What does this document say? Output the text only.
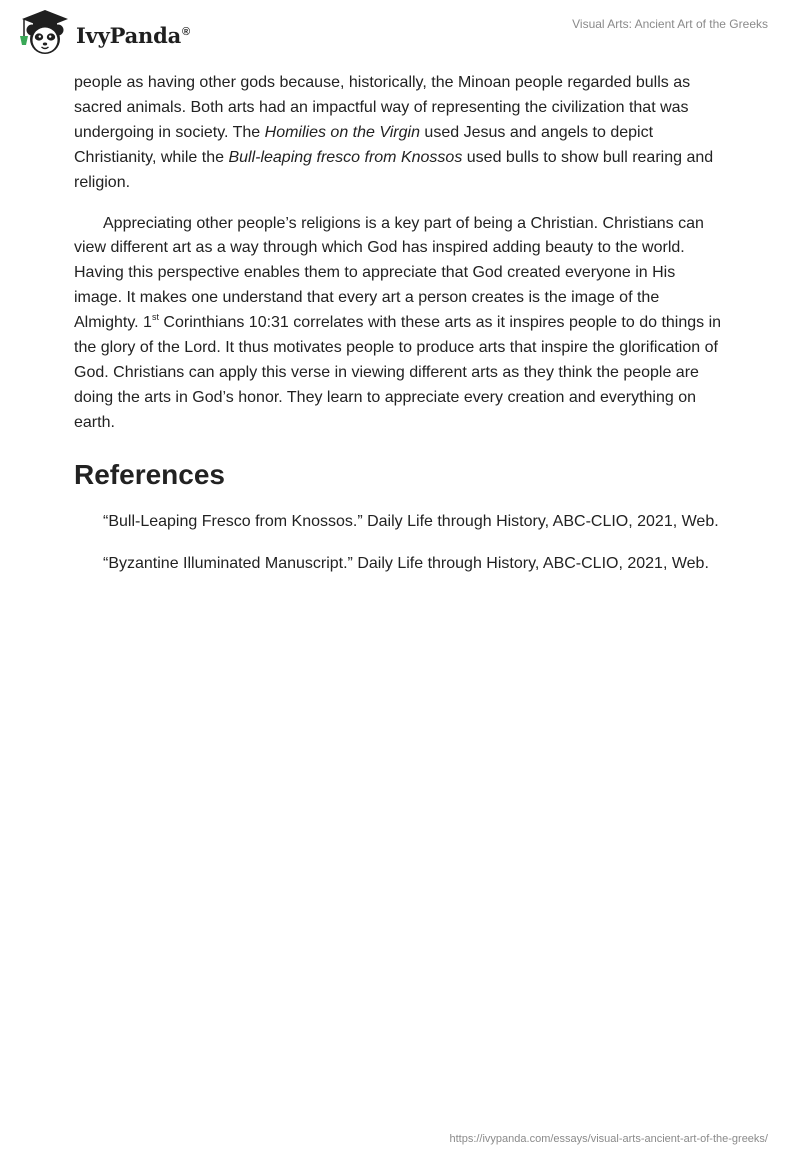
IvyPanda®
Visual Arts: Ancient Art of the Greeks

people as having other gods because, historically, the Minoan people regarded bulls as sacred animals. Both arts had an impactful way of representing the civilization that was undergoing in society. The Homilies on the Virgin used Jesus and angels to depict Christianity, while the Bull-leaping fresco from Knossos used bulls to show bull rearing and religion.

Appreciating other people’s religions is a key part of being a Christian. Christians can view different art as a way through which God has inspired adding beauty to the world. Having this perspective enables them to appreciate that God created everyone in His image. It makes one understand that every art a person creates is the image of the Almighty. 1st Corinthians 10:31 correlates with these arts as it inspires people to do things in the glory of the Lord. It thus motivates people to produce arts that inspire the glorification of God. Christians can apply this verse in viewing different arts as they think the people are doing the arts in God’s honor. They learn to appreciate every creation and everything on earth.

References

“Bull-Leaping Fresco from Knossos.” Daily Life through History, ABC-CLIO, 2021, Web.

“Byzantine Illuminated Manuscript.” Daily Life through History, ABC-CLIO, 2021, Web.

https://ivypanda.com/essays/visual-arts-ancient-art-of-the-greeks/
